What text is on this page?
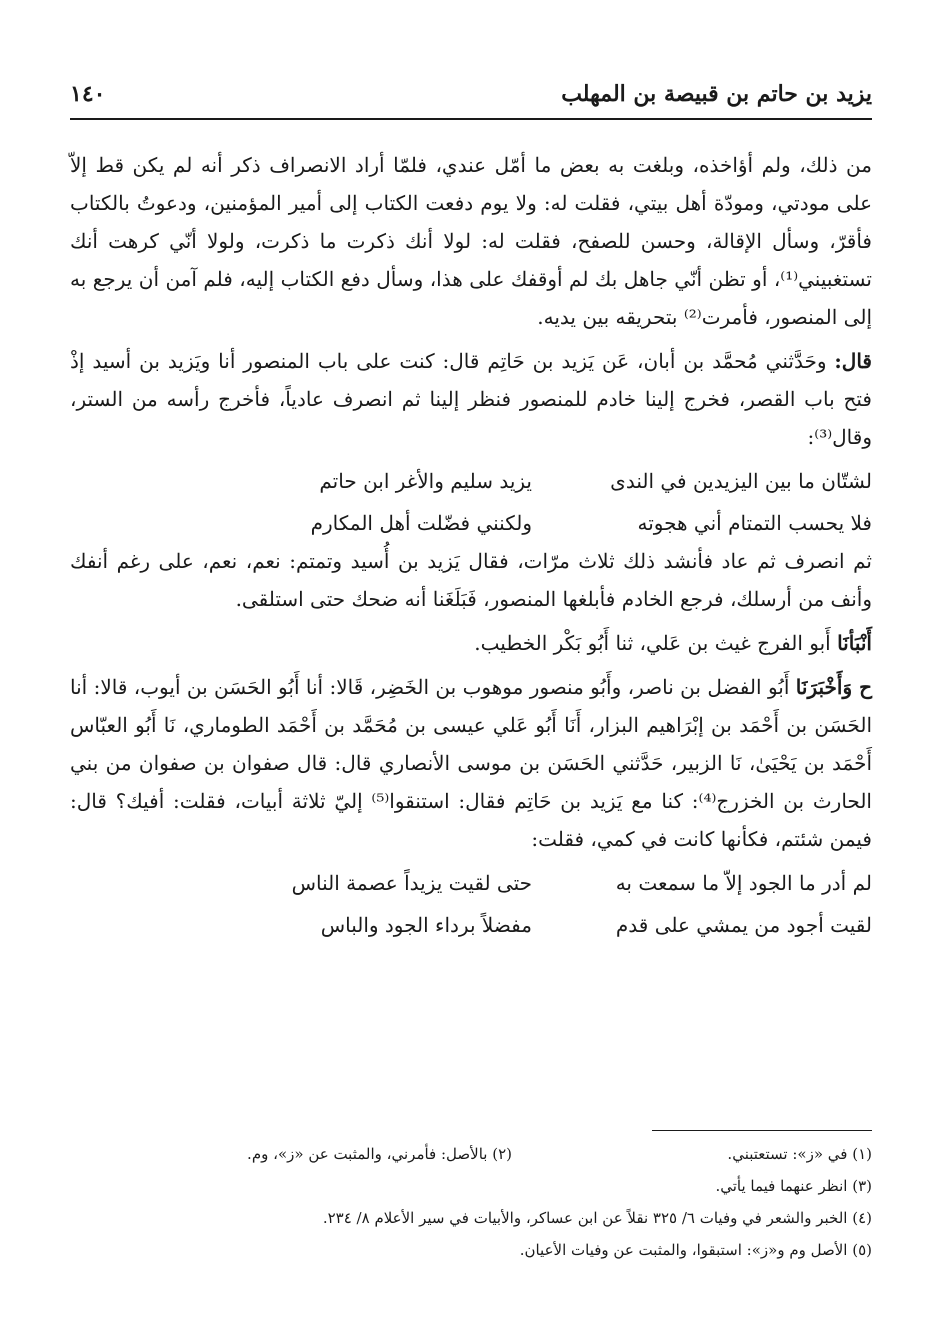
يزيد بن حاتم بن قبيصة بن المهلب
١٤٠

من ذلك، ولم أؤاخذه، وبلغت به بعض ما أمّل عندي، فلمّا أراد الانصراف ذكر أنه لم يكن قط إلاّ على مودتي، ومودّة أهل بيتي، فقلت له: ولا يوم دفعت الكتاب إلى أمير المؤمنين، ودعوتُ بالكتاب فأقرّ، وسأل الإقالة، وحسن للصفح، فقلت له: لولا أنك ذكرت ما ذكرت، ولولا أنّي كرهت أنك تستغبيني⁽¹⁾، أو تظن أنّي جاهل بك لم أوقفك على هذا، وسأل دفع الكتاب إليه، فلم آمن أن يرجع به إلى المنصور، فأمرت⁽²⁾ بتحريقه بين يديه.

قال: وحَدَّثني مُحمَّد بن أبان، عَن يَزيد بن حَاتِم قال: كنت على باب المنصور أنا ويَزيد بن أسيد إذْ فتح باب القصر، فخرج إلينا خادم للمنصور فنظر إلينا ثم انصرف عادياً، فأخرج رأسه من الستر، وقال⁽³⁾:

لشتّان ما بين اليزيدين في الندى
يزيد سليم والأغر ابن حاتم
فلا يحسب التمتام أني هجوته
ولكنني فضّلت أهل المكارم

ثم انصرف ثم عاد فأنشد ذلك ثلاث مرّات، فقال يَزيد بن أُسيد وتمتم: نعم، نعم، على رغم أنفك وأنف من أرسلك، فرجع الخادم فأبلغها المنصور، فَبَلَغَنا أنه ضحك حتى استلقى.

أَنْبَأنَا أَبو الفرج غيث بن عَلي، ثنا أَبُو بَكْر الخطيب.

ح وَأَخْبَرَنَا أَبُو الفضل بن ناصر، وأَبُو منصور موهوب بن الخَضِر، قَالا: أنا أَبُو الحَسَن بن أيوب، قالا: أنا الحَسَن بن أَحْمَد بن إبْرَاهيم البزار، أَنَا أَبُو عَلي عيسى بن مُحَمَّد بن أَحْمَد الطوماري، نَا أَبُو العبّاس أَحْمَد بن يَحْيَىٰ، نَا الزبير، حَدَّثني الحَسَن بن موسى الأنصاري قال: قال صفوان بن صفوان من بني الحارث بن الخزرج⁽⁴⁾: كنا مع يَزيد بن حَاتِم فقال: استنقوا⁽⁵⁾ إليّ ثلاثة أبيات، فقلت: أفيك؟ قال: فيمن شئتم، فكأنها كانت في كمي، فقلت:

لم أدر ما الجود إلاّ ما سمعت به
حتى لقيت يزيداً عصمة الناس
لقيت أجود من يمشي على قدم
مفضلاً برداء الجود والباس
(١) في «ز»: تستعتبني.
(٢) بالأصل: فأمرني، والمثبت عن «ز»، وم.
(٣) انظر عنهما فيما يأتي.
(٤) الخبر والشعر في وفيات ٦/ ٣٢٥ نقلاً عن ابن عساكر، والأبيات في سير الأعلام ٨/ ٢٣٤.
(٥) الأصل وم و«ز»: استبقوا، والمثبت عن وفيات الأعيان.
